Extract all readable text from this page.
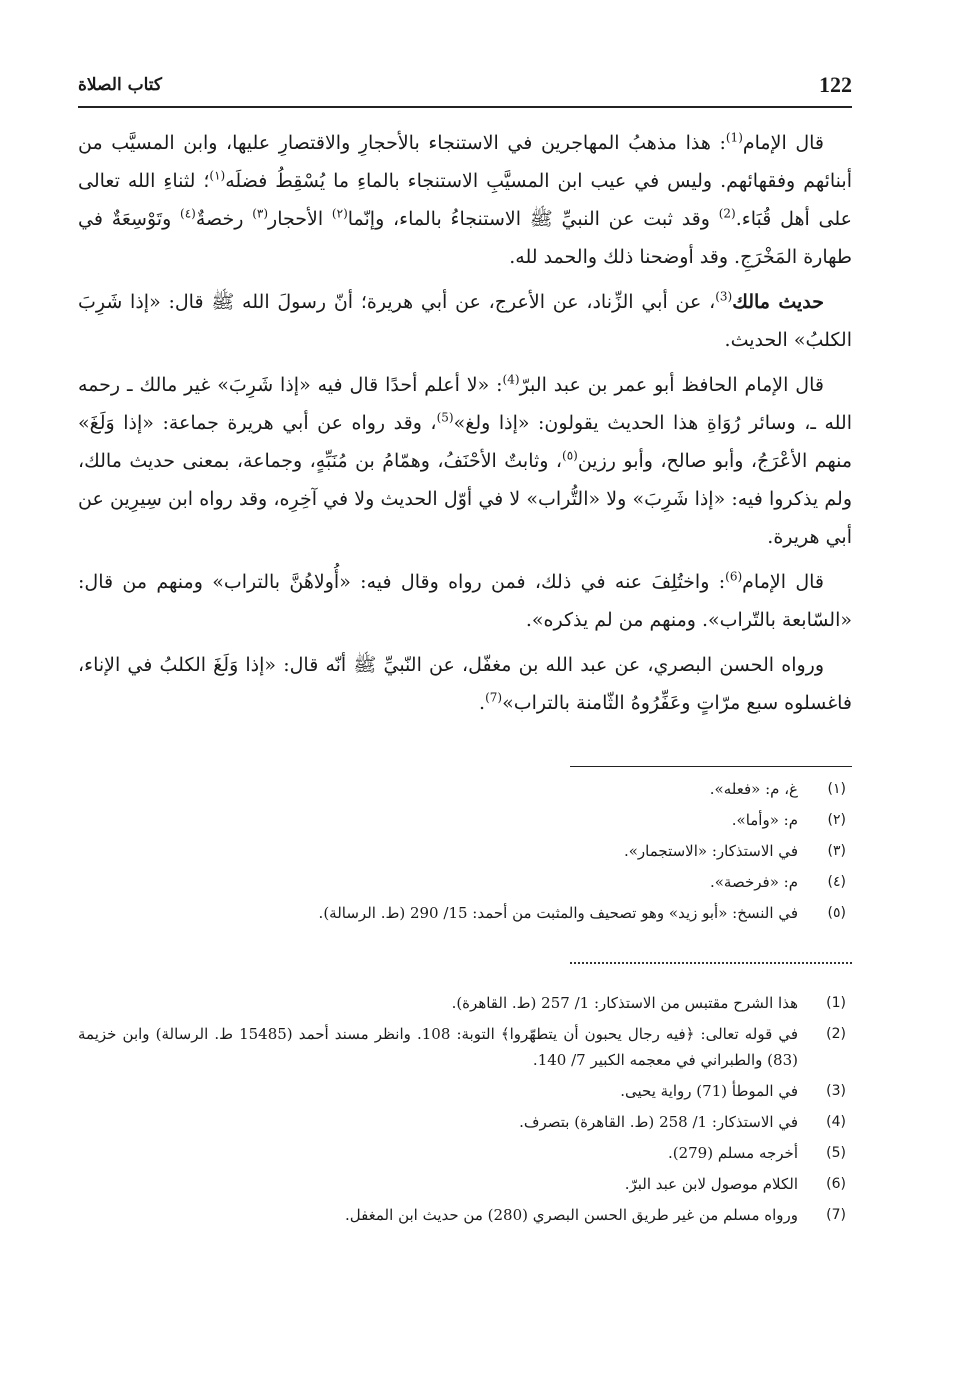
122
كتاب الصلاة

قال الإمام$^{(1)}$: هذا مذهبُ المهاجرين في الاستنجاء بالأحجارِ والاقتصارِ عليها، وابن المسيَّب من أبنائهم وفقهائهم. وليس في عيب ابن المسيَّبِ الاستنجاء بالماءِ ما يُسْقِطُ فضلَه$^{(١)}$؛ لثناءِ الله تعالى على أهل قُبَاء.$^{(2)}$ وقد ثبت عن النبيِّ ﷺ الاستنجاءُ بالماء، وإنّما$^{(٢)}$ الأحجار$^{(٣)}$ رخصةٌ$^{(٤)}$ وتَوْسِعَةٌ في طهارة المَخْرَجِ. وقد أوضحنا ذلك والحمد لله.

حديث مالك$^{(3)}$، عن أبي الزِّناد، عن الأعرج، عن أبي هريرة؛ أنّ رسولَ الله ﷺ قال: «إذا شَرِبَ الكلبُ» الحديث.

قال الإمام الحافظ أبو عمر بن عبد البرّ$^{(4)}$: «لا أعلم أحدًا قال فيه «إذا شَرِبَ» غير مالك ـ رحمه الله ـ، وسائر رُوَاةِ هذا الحديث يقولون: «إذا ولغ»$^{(5)}$، وقد رواه عن أبي هريرة جماعة: «إذا وَلَغَ» منهم الأعْرَجُ، وأبو صالح، وأبو رزين$^{(٥)}$، وثابتٌ الأحْنَفُ، وهمّامُ بن مُنَبِّهٍ، وجماعة، بمعنى حديث مالك، ولم يذكروا فيه: «إذا شَرِبَ» ولا «التُّراب» لا في أوّل الحديث ولا في آخِرِه، وقد رواه ابن سِيرِين عن أبي هريرة.

قال الإمام$^{(6)}$: واختُلِفَ عنه في ذلك، فمن رواه وقال فيه: «أُولاهُنَّ بالتراب» ومنهم من قال: «السّابعة بالتّراب». ومنهم من لم يذكره».

ورواه الحسن البصري، عن عبد الله بن مغفّل، عن النّبيِّ ﷺ أنّه قال: «إذا وَلَغَ الكلبُ في الإناء، فاغسلوه سبع مرّاتٍ وعَفِّرُوهُ الثّامنة بالتراب»$^{(7)}$.

(١)
غ، م: «فعله».
(٢)
م: «وأما».
(٣)
في الاستذكار: «الاستجمار».
(٤)
م: «فرخصة».
(٥)
في النسخ: «أبو زيد» وهو تصحيف والمثبت من أحمد: 15/ 290 (ط. الرسالة).
(1)
هذا الشرح مقتبس من الاستذكار: 1/ 257 (ط. القاهرة).
(2)
في قوله تعالى: ﴿فيه رجال يحبون أن يتطهّروا﴾ التوبة: 108. وانظر مسند أحمد (15485 ط. الرسالة) وابن خزيمة (83) والطبراني في معجمه الكبير 7/ 140.
(3)
في الموطأ (71) رواية يحيى.
(4)
في الاستذكار: 1/ 258 (ط. القاهرة) بتصرف.
(5)
أخرجه مسلم (279).
(6)
الكلام موصول لابن عبد البرّ.
(7)
ورواه مسلم من غير طريق الحسن البصري (280) من حديث ابن المغفل.
